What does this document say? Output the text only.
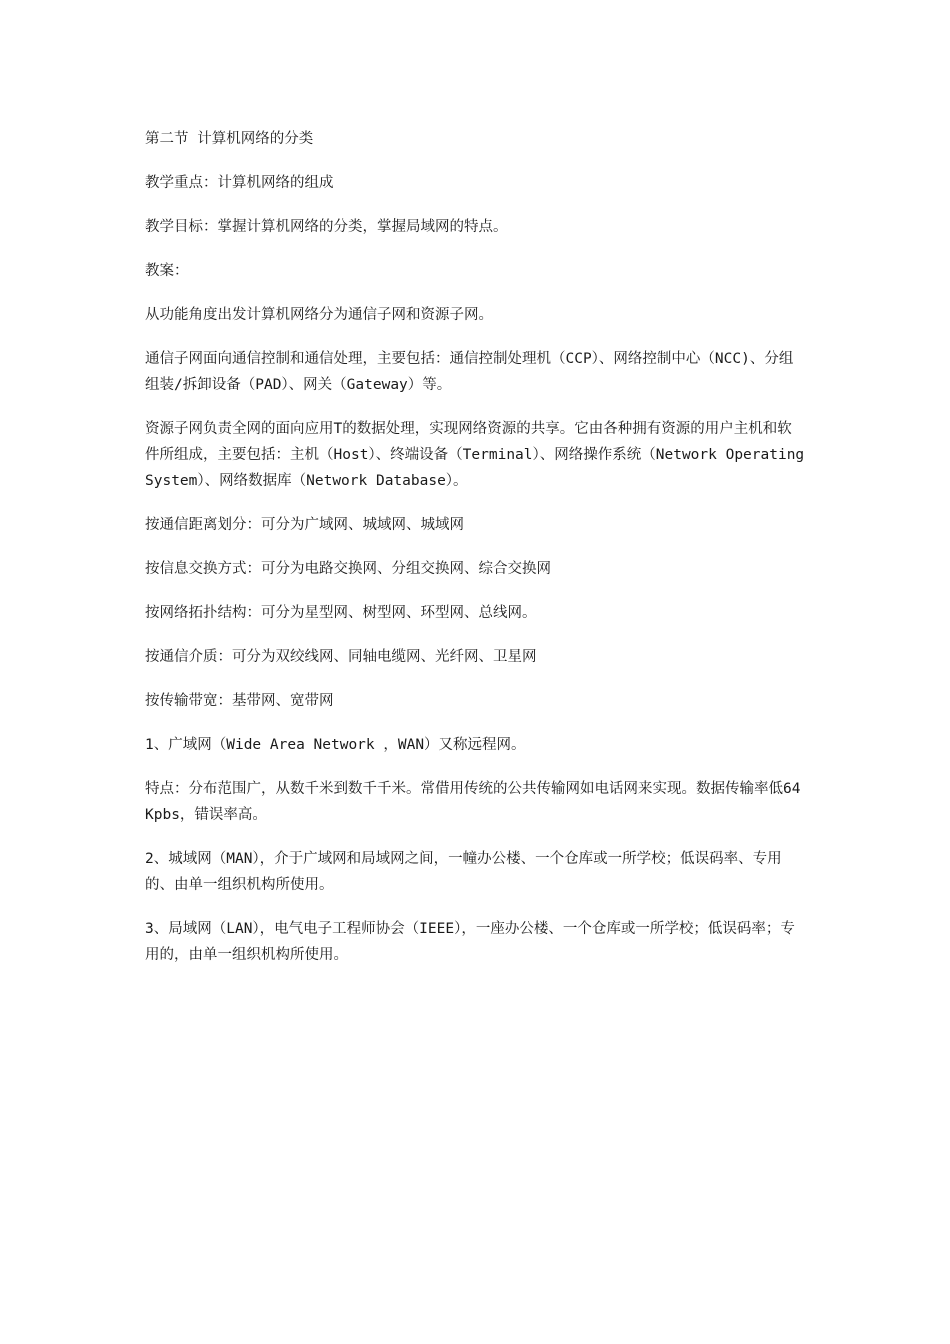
第二节 计算机网络的分类

教学重点：计算机网络的组成

教学目标：掌握计算机网络的分类，掌握局域网的特点。

教案：

从功能角度出发计算机网络分为通信子网和资源子网。

通信子网面向通信控制和通信处理，主要包括：通信控制处理机（CCP）、网络控制中心（NCC)、分组组装/拆卸设备（PAD）、网关（Gateway）等。

资源子网负责全网的面向应用T的数据处理，实现网络资源的共享。它由各种拥有资源的用户主机和软件所组成，主要包括：主机（Host）、终端设备（Terminal）、网络操作系统（Network Operating System）、网络数据库（Network Database）。

按通信距离划分：可分为广域网、城域网、城域网

按信息交换方式：可分为电路交换网、分组交换网、综合交换网

按网络拓扑结构：可分为星型网、树型网、环型网、总线网。

按通信介质：可分为双绞线网、同轴电缆网、光纤网、卫星网

按传输带宽：基带网、宽带网

1、广域网（Wide Area Network ，WAN）又称远程网。

特点：分布范围广，从数千米到数千千米。常借用传统的公共传输网如电话网来实现。数据传输率低64Kpbs，错误率高。

2、城域网（MAN），介于广域网和局域网之间，一幢办公楼、一个仓库或一所学校；低误码率、专用的、由单一组织机构所使用。

3、局域网（LAN），电气电子工程师协会（IEEE），一座办公楼、一个仓库或一所学校；低误码率；专用的，由单一组织机构所使用。
